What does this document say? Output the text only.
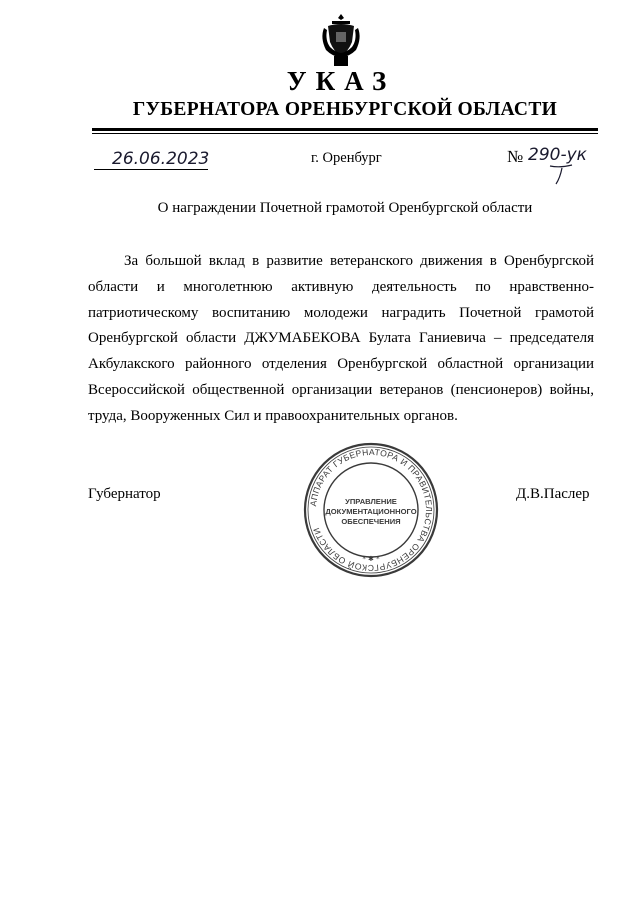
УКАЗ
ГУБЕРНАТОРА ОРЕНБУРГСКОЙ ОБЛАСТИ
26.06.2023	г. Оренбург	№ 290-ук
О награждении Почетной грамотой Оренбургской области

За большой вклад в развитие ветеранского движения в Оренбургской области и многолетнюю активную деятельность по нравственно-патриотическому воспитанию молодежи наградить Почетной грамотой Оренбургской области ДЖУМАБЕКОВА Булата Ганиевича – председателя Акбулакского районного отделения Оренбургской областной организации Всероссийской общественной организации ветеранов (пенсионеров) войны, труда, Вооруженных Сил и правоохранительных органов.

Губернатор	Д.В.Паслер
АППАРАТ ГУБЕРНАТОРА И ПРАВИТЕЛЬСТВА ОРЕНБУРГСКОЙ ОБЛАСТИ
* ✱ *
УПРАВЛЕНИЕ
ДОКУМЕНТАЦИОННОГО
ОБЕСПЕЧЕНИЯ
